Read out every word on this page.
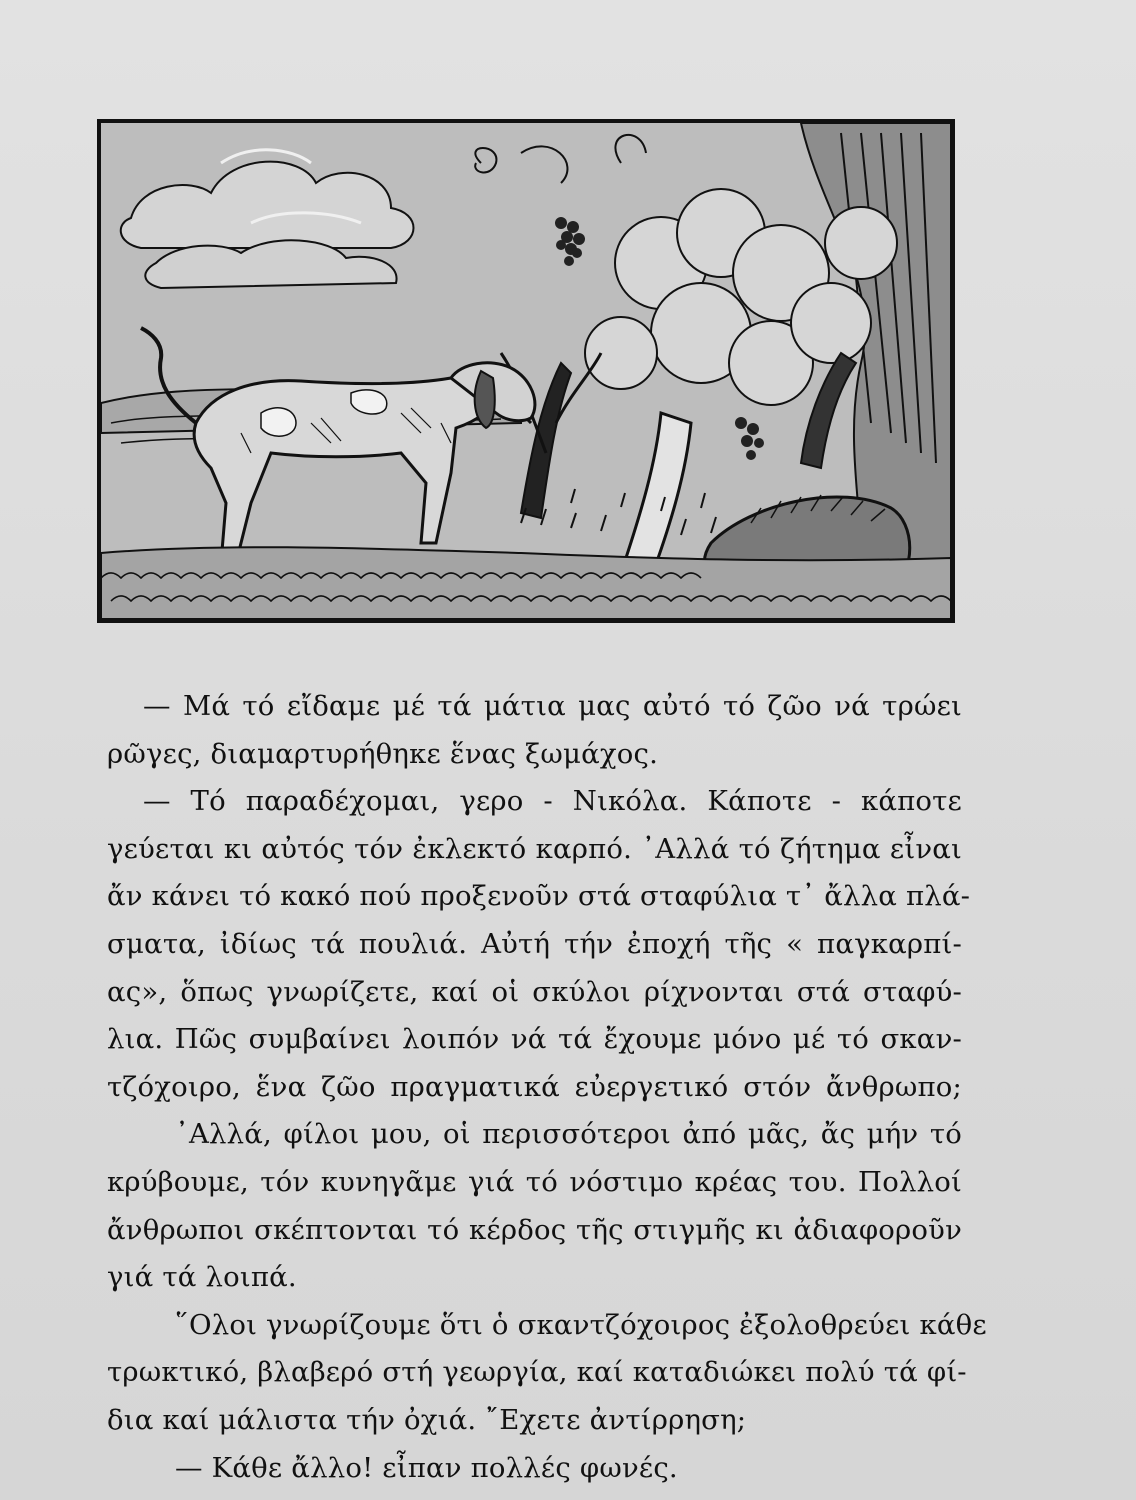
— Μά τό εἴδαμε μέ τά μάτια μας αὐτό τό ζῶο νά τρώει
ρῶγες, διαμαρτυρήθηκε ἕνας ξωμάχος.
— Τό παραδέχομαι, γερο - Νικόλα. Κάποτε - κάποτε
γεύεται κι αὐτός τόν ἐκλεκτό καρπό. ᾿Αλλά τό ζήτημα εἶναι
ἄν κάνει τό κακό πού προξενοῦν στά σταφύλια τ᾿ ἄλλα πλά-
σματα, ἰδίως τά πουλιά. Αὐτή τήν ἐποχή τῆς « παγκαρπί-
ας», ὅπως γνωρίζετε, καί οἱ σκύλοι ρίχνονται στά σταφύ-
λια. Πῶς συμβαίνει λοιπόν νά τά ἔχουμε μόνο μέ τό σκαν-
τζόχοιρο, ἕνα ζῶο πραγματικά εὐεργετικό στόν ἄνθρωπο;
᾿Αλλά, φίλοι μου, οἱ περισσότεροι ἀπό μᾶς, ἄς μήν τό
κρύβουμε, τόν κυνηγᾶμε γιά τό νόστιμο κρέας του. Πολλοί
ἄνθρωποι σκέπτονται τό κέρδος τῆς στιγμῆς κι ἀδιαφοροῦν
γιά τά λοιπά.
῞Ολοι γνωρίζουμε ὅτι ὁ σκαντζόχοιρος ἐξολοθρεύει κάθε
τρωκτικό, βλαβερό στή γεωργία, καί καταδιώκει πολύ τά φί-
δια καί μάλιστα τήν ὀχιά. ῎Εχετε ἀντίρρηση;
— Κάθε ἄλλο! εἶπαν πολλές φωνές.
